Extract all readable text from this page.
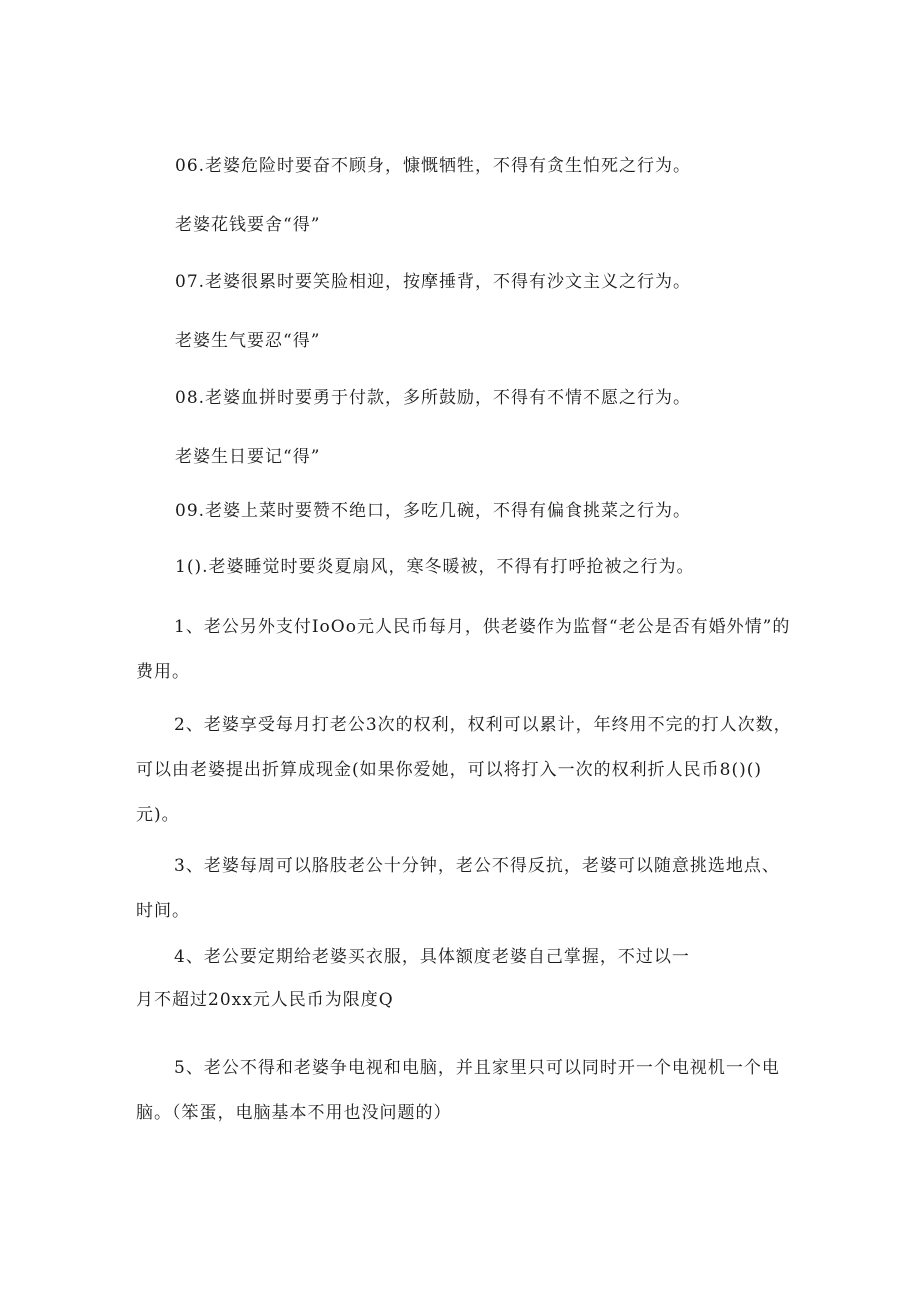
06.老婆危险时要奋不顾身，慷慨牺牲，不得有贪生怕死之行为。
老婆花钱要舍“得”
07.老婆很累时要笑脸相迎，按摩捶背，不得有沙文主义之行为。
老婆生气要忍“得”
08.老婆血拼时要勇于付款，多所鼓励，不得有不情不愿之行为。
老婆生日要记“得”
09.老婆上菜时要赞不绝口，多吃几碗，不得有偏食挑菜之行为。
1().老婆睡觉时要炎夏扇风，寒冬暖被，不得有打呼抢被之行为。
1、老公另外支付IoOo元人民币每月，供老婆作为监督“老公是否有婚外情”的费用。
2、老婆享受每月打老公3次的权利，权利可以累计，年终用不完的打人次数，可以由老婆提出折算成现金(如果你爱她，可以将打入一次的权利折人民币8()()元)。
3、老婆每周可以胳肢老公十分钟，老公不得反抗，老婆可以随意挑选地点、时间。
4、老公要定期给老婆买衣服，具体额度老婆自己掌握，不过以一
月不超过20xx元人民币为限度Q
5、老公不得和老婆争电视和电脑，并且家里只可以同时开一个电视机一个电脑。（笨蛋，电脑基本不用也没问题的）
